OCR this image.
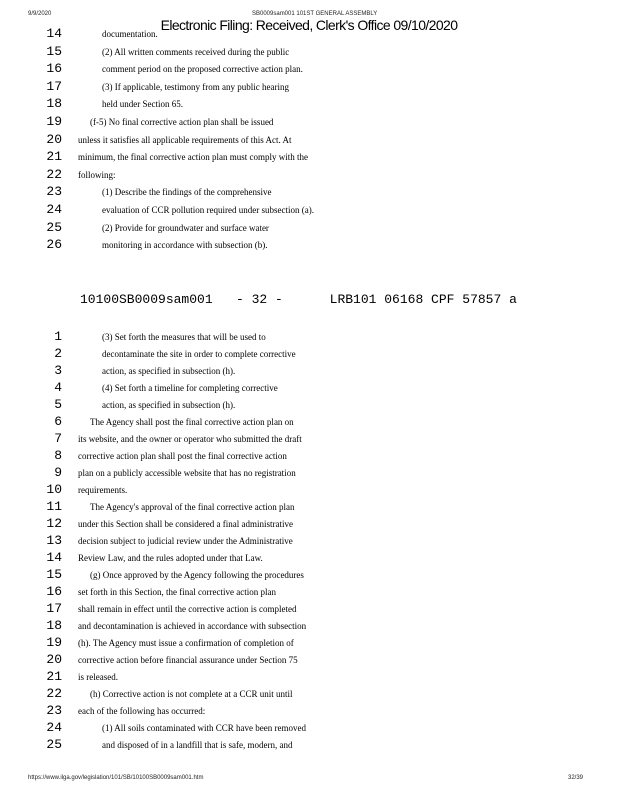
9/9/2020	SB0009sam001 101ST GENERAL ASSEMBLY
Electronic Filing: Received, Clerk's Office 09/10/2020
14	documentation.
15	(2) All written comments received during the public
16	comment period on the proposed corrective action plan.
17	(3) If applicable, testimony from any public hearing
18	held under Section 65.
19	(f-5) No final corrective action plan shall be issued
20 unless it satisfies all applicable requirements of this Act. At
21 minimum, the final corrective action plan must comply with the
22 following:
23	(1) Describe the findings of the comprehensive
24	evaluation of CCR pollution required under subsection (a).
25	(2) Provide for groundwater and surface water
26	monitoring in accordance with subsection (b).
10100SB0009sam001   - 32 -      LRB101 06168 CPF 57857 a
1	(3) Set forth the measures that will be used to
2	decontaminate the site in order to complete corrective
3	action, as specified in subsection (h).
4	(4) Set forth a timeline for completing corrective
5	action, as specified in subsection (h).
6	The Agency shall post the final corrective action plan on
7 its website, and the owner or operator who submitted the draft
8 corrective action plan shall post the final corrective action
9 plan on a publicly accessible website that has no registration
10 requirements.
11	The Agency's approval of the final corrective action plan
12 under this Section shall be considered a final administrative
13 decision subject to judicial review under the Administrative
14 Review Law, and the rules adopted under that Law.
15	(g) Once approved by the Agency following the procedures
16 set forth in this Section, the final corrective action plan
17 shall remain in effect until the corrective action is completed
18 and decontamination is achieved in accordance with subsection
19 (h). The Agency must issue a confirmation of completion of
20 corrective action before financial assurance under Section 75
21 is released.
22	(h) Corrective action is not complete at a CCR unit until
23 each of the following has occurred:
24	(1) All soils contaminated with CCR have been removed
25	and disposed of in a landfill that is safe, modern, and
https://www.ilga.gov/legislation/101/SB/10100SB0009sam001.htm	32/39
